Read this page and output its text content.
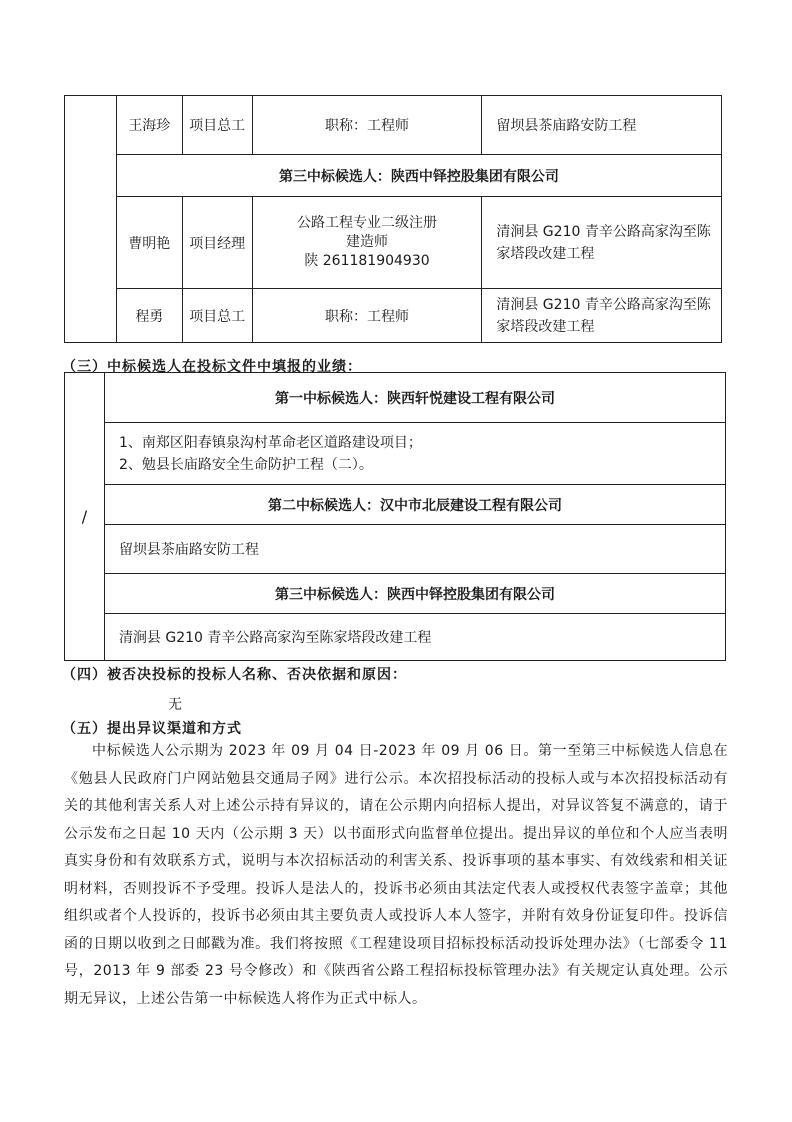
	王海珍	项目总工	职称：工程师	留坝县茶庙路安防工程
	第三中标候选人：陕西中铎控股集团有限公司			
	曹明艳	项目经理	公路工程专业二级注册
建造师
陕 261181904930	清涧县 G210 青辛公路高家沟至陈家塔段改建工程
	程勇	项目总工	职称：工程师	清涧县 G210 青辛公路高家沟至陈家塔段改建工程
（三）中标候选人在投标文件中填报的业绩：
/	第一中标候选人：陕西轩悦建设工程有限公司

1、南郑区阳春镇泉沟村革命老区道路建设项目；
2、勉县长庙路安全生命防护工程（二）。

第二中标候选人：汉中市北辰建设工程有限公司
留坝县茶庙路安防工程
第三中标候选人：陕西中铎控股集团有限公司
清涧县 G210 青辛公路高家沟至陈家塔段改建工程
（四）被否决投标的投标人名称、否决依据和原因：
无
（五）提出异议渠道和方式
中标候选人公示期为 2023 年 09 月 04 日-2023 年 09 月 06 日。第一至第三中标候选人信息在《勉县人民政府门户网站勉县交通局子网》进行公示。本次招投标活动的投标人或与本次招投标活动有关的其他利害关系人对上述公示持有异议的，请在公示期内向招标人提出，对异议答复不满意的，请于公示发布之日起 10 天内（公示期 3 天）以书面形式向监督单位提出。提出异议的单位和个人应当表明真实身份和有效联系方式，说明与本次招标活动的利害关系、投诉事项的基本事实、有效线索和相关证明材料，否则投诉不予受理。投诉人是法人的，投诉书必须由其法定代表人或授权代表签字盖章；其他组织或者个人投诉的，投诉书必须由其主要负责人或投诉人本人签字，并附有效身份证复印件。投诉信函的日期以收到之日邮戳为准。我们将按照《工程建设项目招标投标活动投诉处理办法》（七部委令 11 号，2013 年 9 部委 23 号令修改）和《陕西省公路工程招标投标管理办法》有关规定认真处理。公示期无异议，上述公告第一中标候选人将作为正式中标人。
